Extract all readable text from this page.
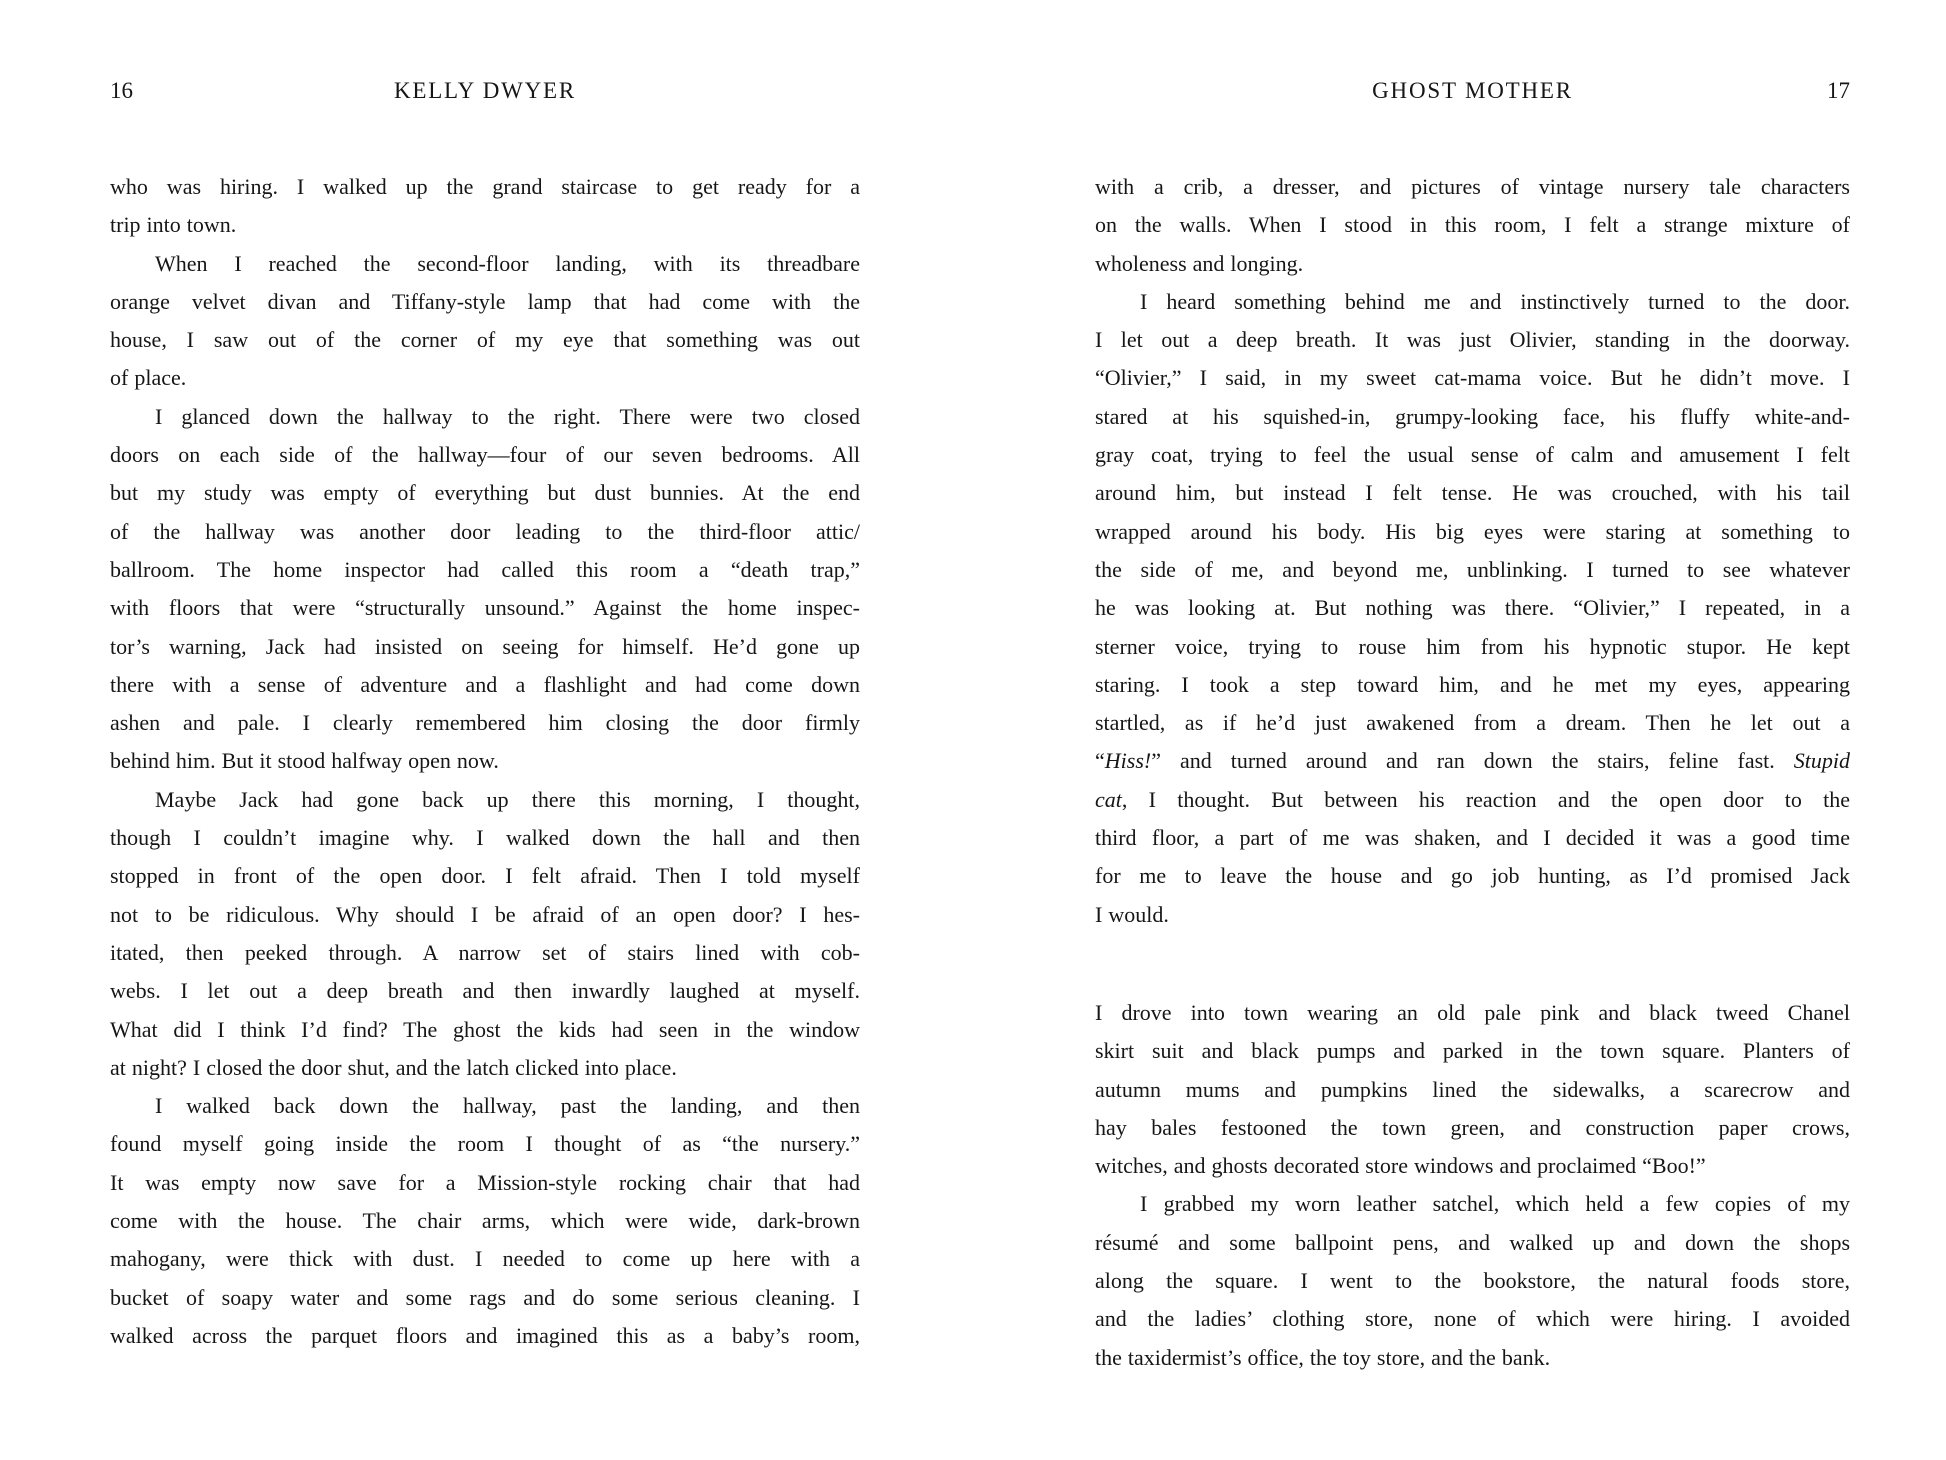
16	KELLY DWYER
who was hiring. I walked up the grand staircase to get ready for a
trip into town.
When I reached the second-floor landing, with its threadbare
orange velvet divan and Tiffany-style lamp that had come with the
house, I saw out of the corner of my eye that something was out
of place.
I glanced down the hallway to the right. There were two closed
doors on each side of the hallway—four of our seven bedrooms. All
but my study was empty of everything but dust bunnies. At the end
of the hallway was another door leading to the third-floor attic/
ballroom. The home inspector had called this room a “death trap,”
with floors that were “structurally unsound.” Against the home inspec-
tor’s warning, Jack had insisted on seeing for himself. He’d gone up
there with a sense of adventure and a flashlight and had come down
ashen and pale. I clearly remembered him closing the door firmly
behind him. But it stood halfway open now.
Maybe Jack had gone back up there this morning, I thought,
though I couldn’t imagine why. I walked down the hall and then
stopped in front of the open door. I felt afraid. Then I told myself
not to be ridiculous. Why should I be afraid of an open door? I hes-
itated, then peeked through. A narrow set of stairs lined with cob-
webs. I let out a deep breath and then inwardly laughed at myself.
What did I think I’d find? The ghost the kids had seen in the window
at night? I closed the door shut, and the latch clicked into place.
I walked back down the hallway, past the landing, and then
found myself going inside the room I thought of as “the nursery.”
It was empty now save for a Mission-style rocking chair that had
come with the house. The chair arms, which were wide, dark-brown
mahogany, were thick with dust. I needed to come up here with a
bucket of soapy water and some rags and do some serious cleaning. I
walked across the parquet floors and imagined this as a baby’s room,
GHOST MOTHER	17
with a crib, a dresser, and pictures of vintage nursery tale characters
on the walls. When I stood in this room, I felt a strange mixture of
wholeness and longing.
I heard something behind me and instinctively turned to the door.
I let out a deep breath. It was just Olivier, standing in the doorway.
“Olivier,” I said, in my sweet cat-mama voice. But he didn’t move. I
stared at his squished-in, grumpy-looking face, his fluffy white-and-
gray coat, trying to feel the usual sense of calm and amusement I felt
around him, but instead I felt tense. He was crouched, with his tail
wrapped around his body. His big eyes were staring at something to
the side of me, and beyond me, unblinking. I turned to see whatever
he was looking at. But nothing was there. “Olivier,” I repeated, in a
sterner voice, trying to rouse him from his hypnotic stupor. He kept
staring. I took a step toward him, and he met my eyes, appearing
startled, as if he’d just awakened from a dream. Then he let out a
“Hiss!” and turned around and ran down the stairs, feline fast. Stupid
cat, I thought. But between his reaction and the open door to the
third floor, a part of me was shaken, and I decided it was a good time
for me to leave the house and go job hunting, as I’d promised Jack
I would.
I drove into town wearing an old pale pink and black tweed Chanel
skirt suit and black pumps and parked in the town square. Planters of
autumn mums and pumpkins lined the sidewalks, a scarecrow and
hay bales festooned the town green, and construction paper crows,
witches, and ghosts decorated store windows and proclaimed “Boo!”
I grabbed my worn leather satchel, which held a few copies of my
résumé and some ballpoint pens, and walked up and down the shops
along the square. I went to the bookstore, the natural foods store,
and the ladies’ clothing store, none of which were hiring. I avoided
the taxidermist’s office, the toy store, and the bank.
